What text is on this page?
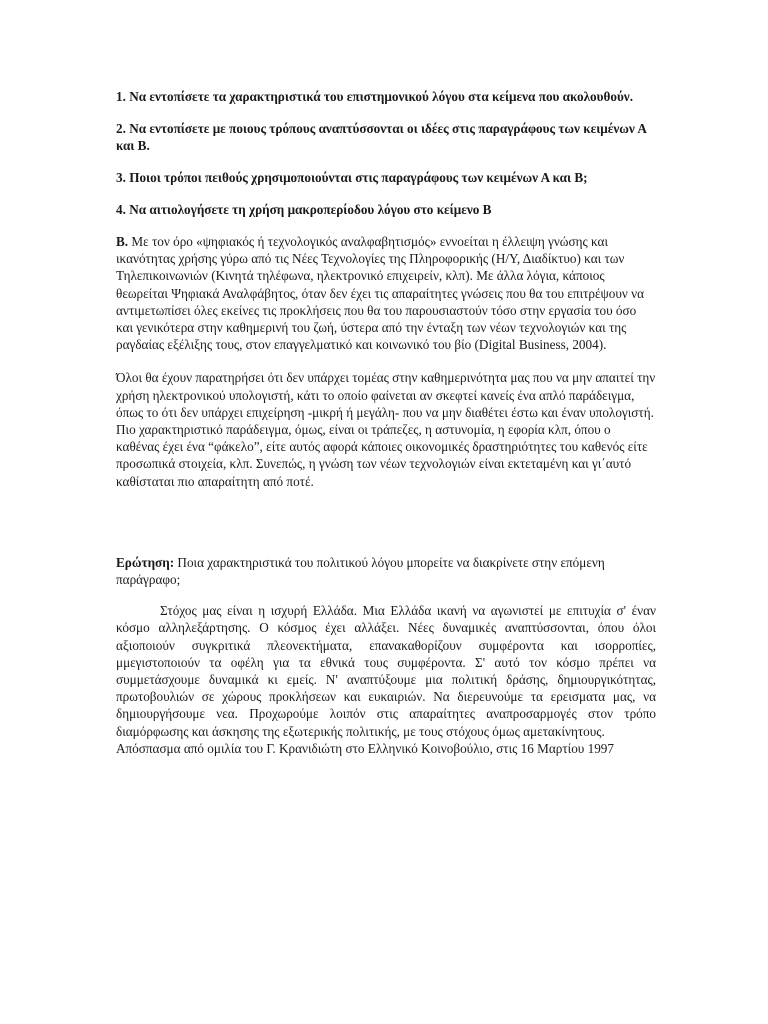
1. Να εντοπίσετε τα χαρακτηριστικά του επιστημονικού λόγου στα κείμενα που ακολουθούν.

2. Να εντοπίσετε με ποιους τρόπους αναπτύσσονται οι ιδέες στις παραγράφους των κειμένων Α και Β.

3. Ποιοι τρόποι πειθούς χρησιμοποιούνται στις παραγράφους των κειμένων Α και Β;

4. Να αιτιολογήσετε τη χρήση μακροπερίοδου λόγου στο κείμενο Β

Β. Με τον όρο «ψηφιακός ή τεχνολογικός αναλφαβητισμός» εννοείται η έλλειψη γνώσης και ικανότητας χρήσης γύρω από τις Νέες Τεχνολογίες της Πληροφορικής (Η/Υ, Διαδίκτυο) και των Τηλεπικοινωνιών (Κινητά τηλέφωνα, ηλεκτρονικό επιχειρείν, κλπ). Με άλλα λόγια, κάποιος θεωρείται Ψηφιακά Αναλφάβητος, όταν δεν έχει τις απαραίτητες γνώσεις που θα του επιτρέψουν να αντιμετωπίσει όλες εκείνες τις προκλήσεις που θα του παρουσιαστούν τόσο στην εργασία του όσο και γενικότερα στην καθημερινή του ζωή, ύστερα από την ένταξη των νέων τεχνολογιών και της ραγδαίας εξέλιξης τους, στον επαγγελματικό και κοινωνικό του βίο (Digital Business, 2004).

Όλοι θα έχουν παρατηρήσει ότι δεν υπάρχει τομέας στην καθημερινότητα μας που να μην απαιτεί την χρήση ηλεκτρονικού υπολογιστή, κάτι το οποίο φαίνεται αν σκεφτεί κανείς ένα απλό παράδειγμα, όπως το ότι δεν υπάρχει επιχείρηση -μικρή ή μεγάλη- που να μην διαθέτει έστω και έναν υπολογιστή. Πιο χαρακτηριστικό παράδειγμα, όμως, είναι οι τράπεζες, η αστυνομία, η εφορία κλπ, όπου ο καθένας έχει ένα “φάκελο”, είτε αυτός αφορά κάποιες οικονομικές δραστηριότητες του καθενός είτε προσωπικά στοιχεία, κλπ. Συνεπώς, η γνώση των νέων τεχνολογιών είναι εκτεταμένη και γι΄αυτό καθίσταται πιο απαραίτητη από ποτέ.

Ερώτηση: Ποια χαρακτηριστικά του πολιτικού λόγου μπορείτε να διακρίνετε στην επόμενη παράγραφο;

Στόχος μας είναι η ισχυρή Ελλάδα. Μια Ελλάδα ικανή να αγωνιστεί με επιτυχία σ' έναν κόσμο αλληλεξάρτησης. Ο κόσμος έχει αλλάξει. Νέες δυναμικές αναπτύσσονται, όπου όλοι αξιοποιούν συγκριτικά πλεονεκτήματα, επανακαθορίζουν συμφέροντα και ισορροπίες, μμεγιστοποιούν τα οφέλη για τα εθνικά τους συμφέροντα. Σ' αυτό τον κόσμο πρέπει να συμμετάσχουμε δυναμικά κι εμείς. Ν' αναπτύξουμε μια πολιτική δράσης, δημιουργικότητας, πρωτοβουλιών σε χώρους προκλήσεων και ευκαιριών. Να διερευνούμε τα ερεισματα μας, να δημιουργήσουμε νεα. Προχωρούμε λοιπόν στις απαραίτητες αναπροσαρμογές στον τρόπο διαμόρφωσης και άσκησης της εξωτερικής πολιτικής, με τους στόχους όμως αμετακίνητους.

Απόσπασμα από ομιλία του Γ. Κρανιδιώτη στο Ελληνικό Κοινοβούλιο, στις 16 Μαρτίου 1997
